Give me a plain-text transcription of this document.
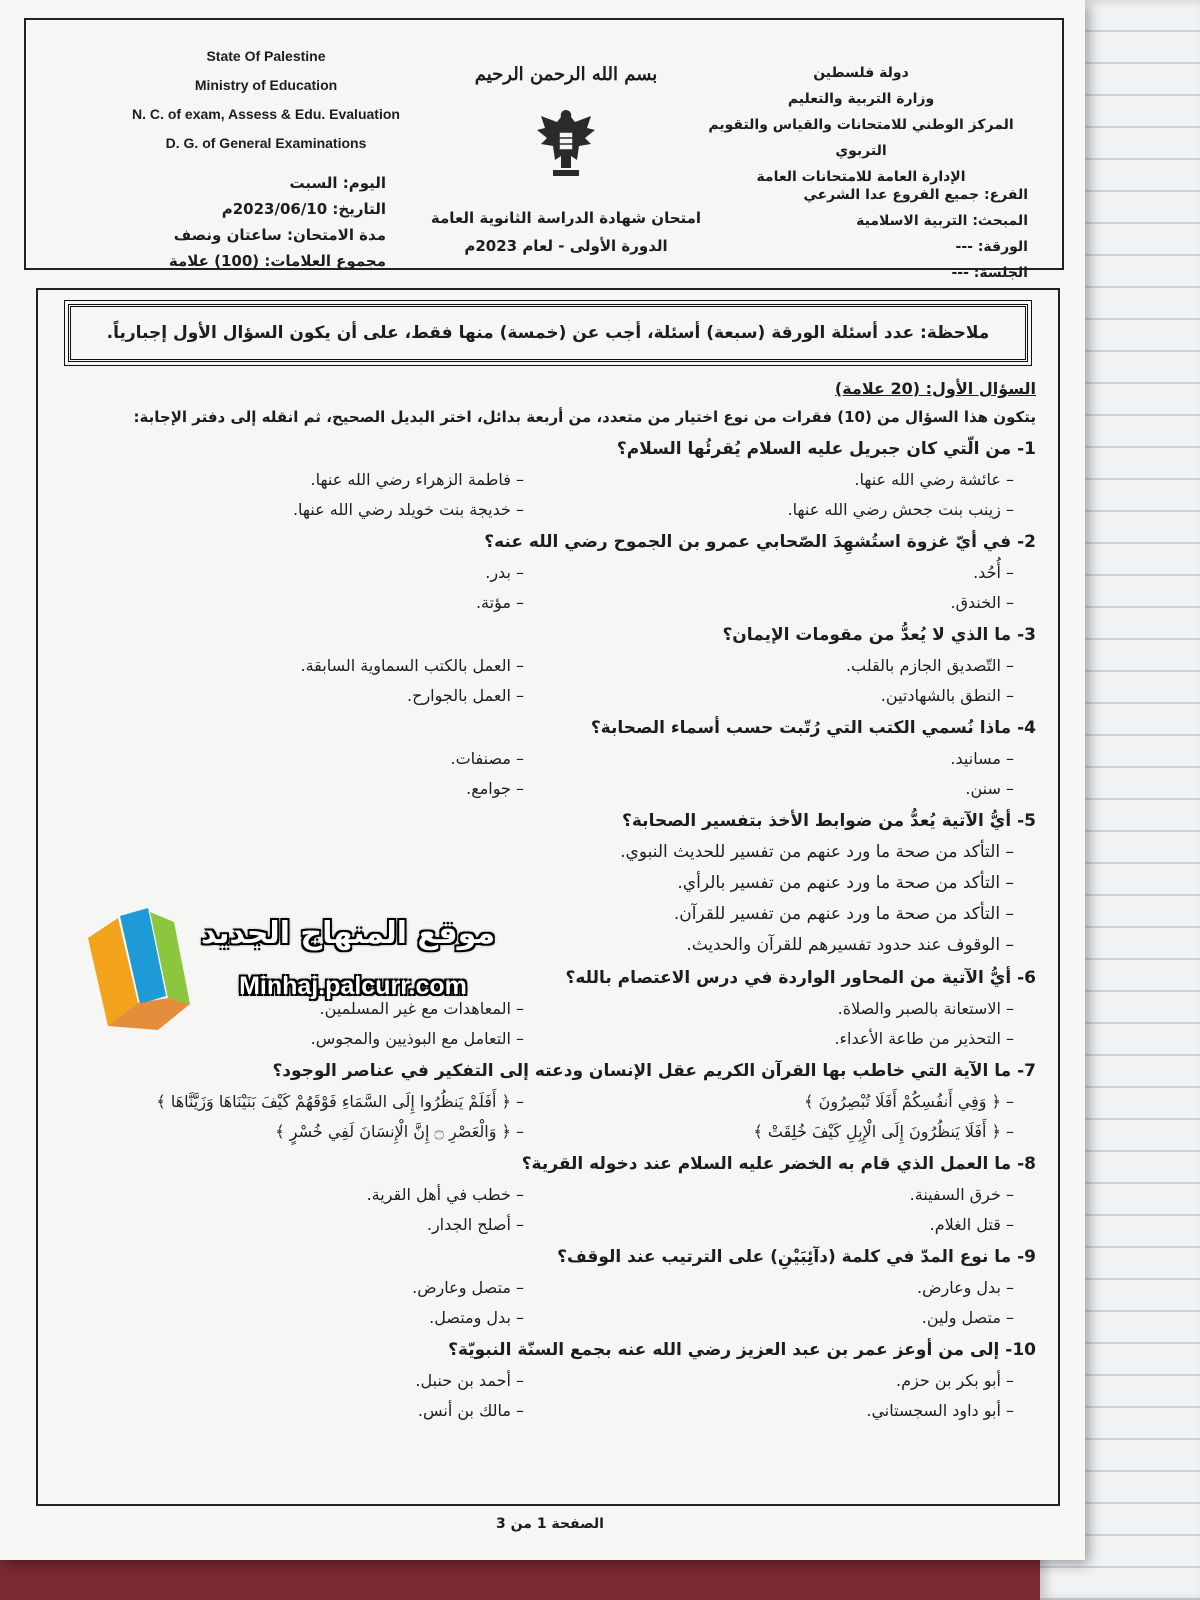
State Of Palestine
Ministry of Education
N. C. of exam, Assess & Edu. Evaluation
D. G. of General Examinations
بسم الله الرحمن الرحيم
امتحان شهادة الدراسة الثانوية العامة
الدورة الأولى - لعام 2023م
دولة فلسطين
وزارة التربية والتعليم
المركز الوطني للامتحانات والقياس والتقويم التربوي
الإدارة العامة للامتحانات العامة
اليوم: السبت
التاريخ: 2023/06/10م
مدة الامتحان: ساعتان ونصف
مجموع العلامات: (100) علامة
الفرع: جميع الفروع عدا الشرعي
المبحث: التربية الاسلامية
الورقة: ---
الجلسة: ---
ملاحظة: عدد أسئلة الورقة (سبعة) أسئلة، أجب عن (خمسة) منها فقط، على أن يكون السؤال الأول إجبارياً.
السؤال الأول: (20 علامة)
يتكون هذا السؤال من (10) فقرات من نوع اختيار من متعدد، من أربعة بدائل، اختر البديل الصحيح، ثم انقله إلى دفتر الإجابة:
1- من الّتي كان جبريل عليه السلام يُقرئُها السلام؟
– عائشة رضي الله عنها.
– فاطمة الزهراء رضي الله عنها.
– زينب بنت جحش رضي الله عنها.
– خديجة بنت خويلد رضي الله عنها.
2- في أيّ غزوة استُشهِدَ الصّحابي عمرو بن الجموح رضي الله عنه؟
– أُحُد.
– بدر.
– الخندق.
– مؤتة.
3- ما الذي لا يُعدُّ من مقومات الإيمان؟
– التّصديق الجازم بالقلب.
– العمل بالكتب السماوية السابقة.
– النطق بالشهادتين.
– العمل بالجوارح.
4- ماذا نُسمي الكتب التي رُتّبت حسب أسماء الصحابة؟
– مسانيد.
– مصنفات.
– سنن.
– جوامع.
5- أيُّ الآتية يُعدُّ من ضوابط الأخذ بتفسير الصحابة؟
– التأكد من صحة ما ورد عنهم من تفسير للحديث النبوي.
– التأكد من صحة ما ورد عنهم من تفسير بالرأي.
– التأكد من صحة ما ورد عنهم من تفسير للقرآن.
– الوقوف عند حدود تفسيرهم للقرآن والحديث.
6- أيُّ الآتية من المحاور الواردة في درس الاعتصام بالله؟
– الاستعانة بالصبر والصلاة.
– المعاهدات مع غير المسلمين.
– التحذير من طاعة الأعداء.
– التعامل مع البوذيين والمجوس.
7- ما الآية التي خاطب بها القرآن الكريم عقل الإنسان ودعته إلى التفكير في عناصر الوجود؟
– ﴿ وَفِي أَنفُسِكُمْ أَفَلَا تُبْصِرُونَ ﴾
– ﴿ أَفَلَمْ يَنظُرُوا إِلَى السَّمَاءِ فَوْقَهُمْ كَيْفَ بَنَيْنَاهَا وَزَيَّنَّاهَا ﴾
– ﴿ أَفَلَا يَنظُرُونَ إِلَى الْإِبِلِ كَيْفَ خُلِقَتْ ﴾
– ﴿ وَالْعَصْرِ ۝ إِنَّ الْإِنسَانَ لَفِي خُسْرٍ ﴾
8- ما العمل الذي قام به الخضر عليه السلام عند دخوله القرية؟
– خرق السفينة.
– خطب في أهل القرية.
– قتل الغلام.
– أصلح الجدار.
9- ما نوع المدّ في كلمة (دآئِبَيْنِ) على الترتيب عند الوقف؟
– بدل وعارض.
– متصل وعارض.
– متصل ولين.
– بدل ومتصل.
10- إلى من أوعز عمر بن عبد العزيز رضي الله عنه بجمع السنّة النبويّة؟
– أبو بكر بن حزم.
– أحمد بن حنبل.
– أبو داود السجستاني.
– مالك بن أنس.
موقع المنهاج الجديد
Minhaj.palcurr.com
الصفحة 1 من 3
